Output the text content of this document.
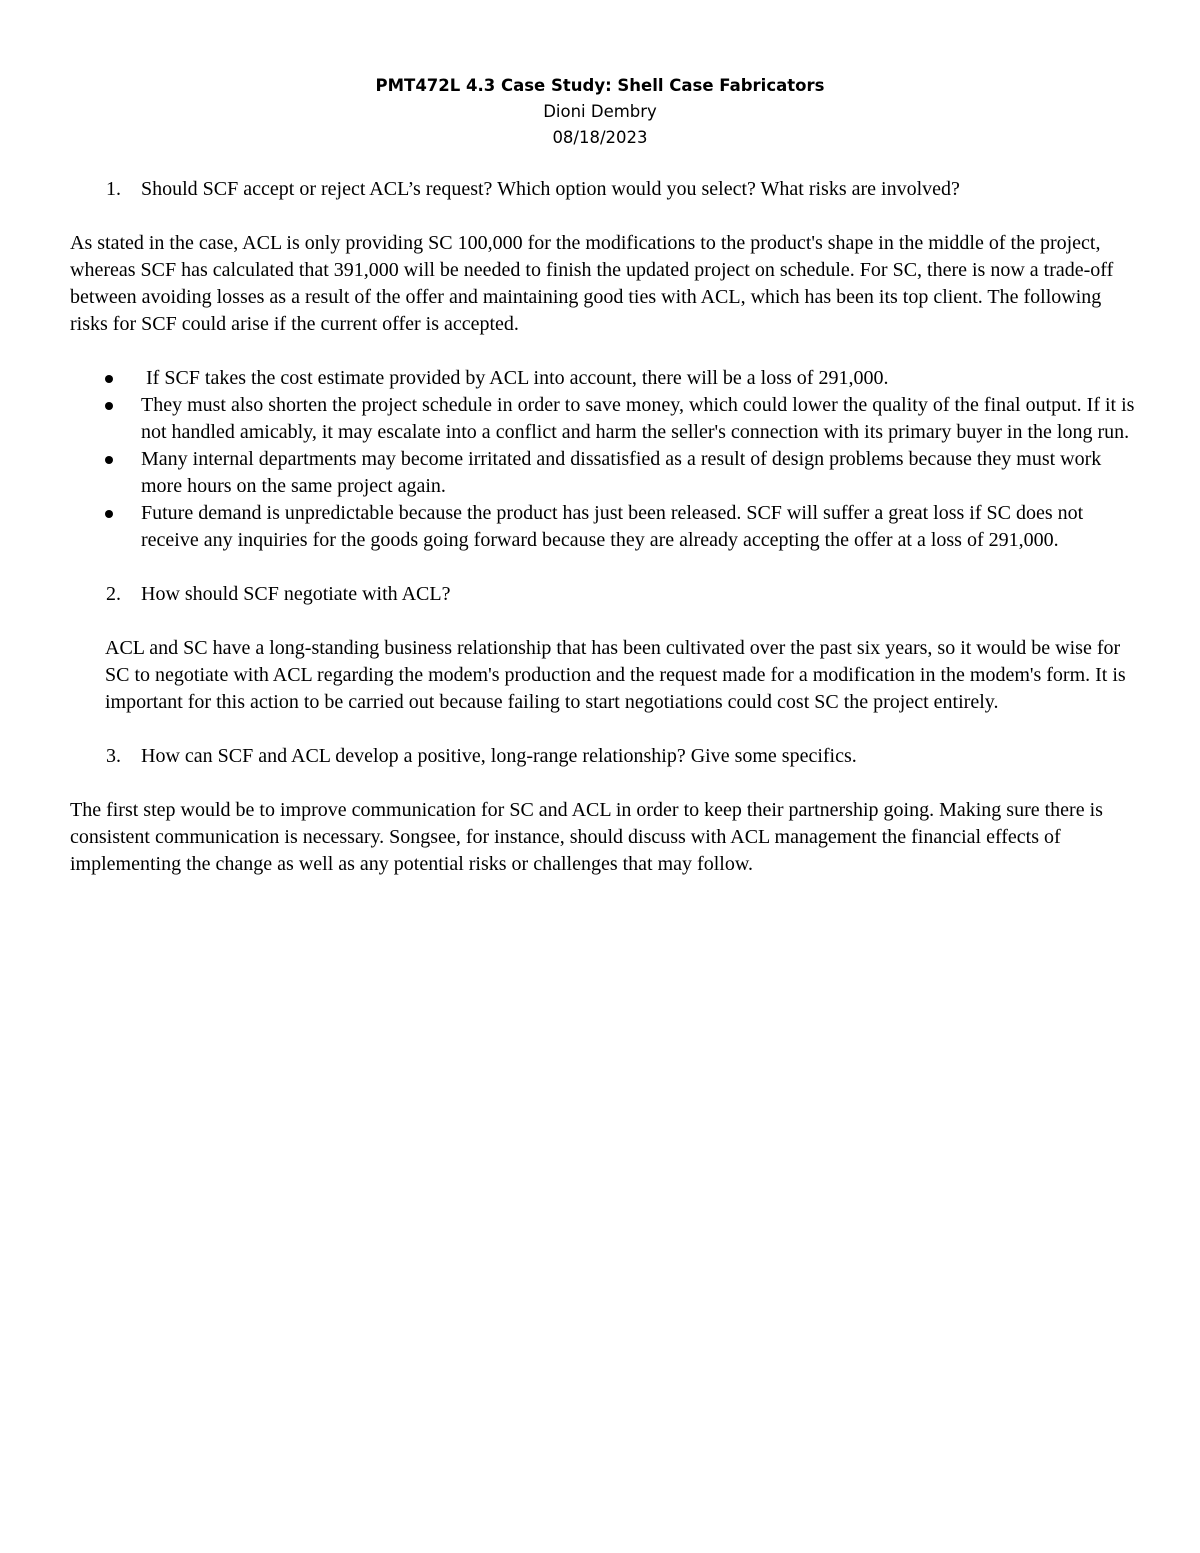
PMT472L 4.3 Case Study: Shell Case Fabricators
Dioni Dembry
08/18/2023

1. Should SCF accept or reject ACL’s request? Which option would you select? What risks are involved?

As stated in the case, ACL is only providing SC 100,000 for the modifications to the product's shape in the middle of the project, whereas SCF has calculated that 391,000 will be needed to finish the updated project on schedule. For SC, there is now a trade-off between avoiding losses as a result of the offer and maintaining good ties with ACL, which has been its top client. The following risks for SCF could arise if the current offer is accepted.

If SCF takes the cost estimate provided by ACL into account, there will be a loss of 291,000.
They must also shorten the project schedule in order to save money, which could lower the quality of the final output. If it is not handled amicably, it may escalate into a conflict and harm the seller's connection with its primary buyer in the long run.
Many internal departments may become irritated and dissatisfied as a result of design problems because they must work more hours on the same project again.
Future demand is unpredictable because the product has just been released. SCF will suffer a great loss if SC does not receive any inquiries for the goods going forward because they are already accepting the offer at a loss of 291,000.

2. How should SCF negotiate with ACL?

ACL and SC have a long-standing business relationship that has been cultivated over the past six years, so it would be wise for SC to negotiate with ACL regarding the modem's production and the request made for a modification in the modem's form. It is important for this action to be carried out because failing to start negotiations could cost SC the project entirely.

3. How can SCF and ACL develop a positive, long-range relationship? Give some specifics.

The first step would be to improve communication for SC and ACL in order to keep their partnership going. Making sure there is consistent communication is necessary. Songsee, for instance, should discuss with ACL management the financial effects of implementing the change as well as any potential risks or challenges that may follow.
